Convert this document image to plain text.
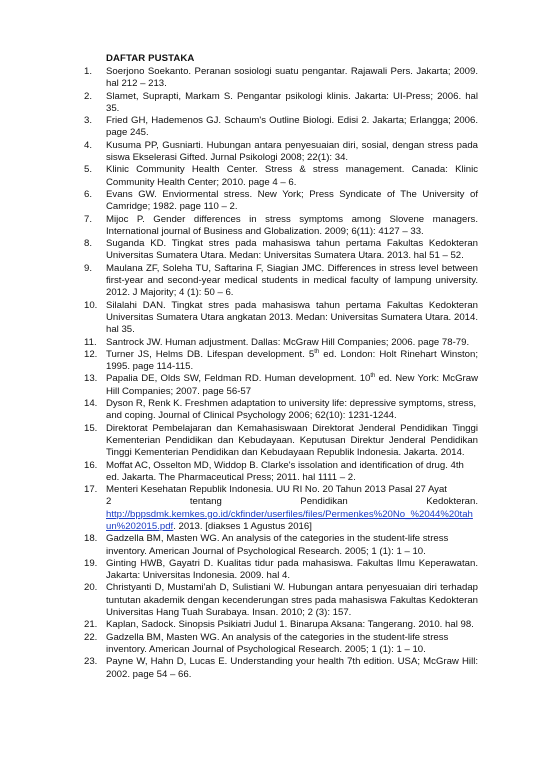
DAFTAR PUSTAKA
1.	Soerjono Soekanto. Peranan sosiologi suatu pengantar. Rajawali Pers. Jakarta; 2009. hal 212 – 213.
2.	Slamet, Suprapti, Markam S. Pengantar psikologi klinis. Jakarta: UI-Press; 2006. hal 35.
3.	Fried GH, Hademenos GJ. Schaum's Outline Biologi. Edisi 2. Jakarta; Erlangga; 2006. page 245.
4.	Kusuma PP, Gusniarti. Hubungan antara penyesuaian diri, sosial, dengan stress pada siswa Ekselerasi Gifted. Jurnal Psikologi 2008; 22(1): 34.
5.	Klinic Community Health Center. Stress & stress management. Canada: Klinic Community Health Center; 2010. page 4 – 6.
6.	Evans GW. Enviormental stress. New York; Press Syndicate of The University of Camridge; 1982. page 110 – 2.
7.	Mijoc P. Gender differences in stress symptoms among Slovene managers. International journal of Business and Globalization. 2009; 6(11): 4127 – 33.
8.	Suganda KD. Tingkat stres pada mahasiswa tahun pertama Fakultas Kedokteran Universitas Sumatera Utara. Medan: Universitas Sumatera Utara. 2013. hal 51 – 52.
9.	Maulana ZF, Soleha TU, Saftarina F, Siagian JMC. Differences in stress level between first-year and second-year medical students in medical faculty of lampung university. 2012. J Majority; 4 (1): 50 – 6.
10. Silalahi DAN. Tingkat stres pada mahasiswa tahun pertama Fakultas Kedokteran Universitas Sumatera Utara angkatan 2013. Medan: Universitas Sumatera Utara. 2014. hal 35.
11. Santrock JW. Human adjustment. Dallas: McGraw Hill Companies; 2006. page 78-79.
12. Turner JS, Helms DB. Lifespan development. 5th ed. London: Holt Rinehart Winston; 1995. page 114-115.
13. Papalia DE, Olds SW, Feldman RD. Human development. 10th ed. New York: McGraw Hill Companies; 2007. page 56-57
14. Dyson R, Renk K. Freshmen adaptation to university life: depressive symptoms, stress, and coping. Journal of Clinical Psychology 2006; 62(10): 1231-1244.
15. Direktorat Pembelajaran dan Kemahasiswaan Direktorat Jenderal Pendidikan Tinggi Kementerian Pendidikan dan Kebudayaan. Keputusan Direktur Jenderal Pendidikan Tinggi Kementerian Pendidikan dan Kebudayaan Republik Indonesia. Jakarta. 2014.
16. Moffat AC, Osselton MD, Widdop B. Clarke's issolation and identification of drug. 4th ed. Jakarta. The Pharmaceutical Press; 2011. hal 1111 – 2.
17. Menteri Kesehatan Republik Indonesia. UU RI No. 20 Tahun 2013 Pasal 27 Ayat
2	tentang	Pendidikan	Kedokteran.
http://bppsdmk.kemkes.go.id/ckfinder/userfiles/files/Permenkes%20No_%2044%20tahun%202015.pdf. 2013. [diakses 1 Agustus 2016]
18. Gadzella BM, Masten WG. An analysis of the categories in the student-life stress inventory. American Journal of Psychological Research. 2005; 1 (1): 1 – 10.
19. Ginting HWB, Gayatri D. Kualitas tidur pada mahasiswa. Fakultas Ilmu Keperawatan. Jakarta: Universitas Indonesia. 2009. hal 4.
20. Christyanti D, Mustami'ah D, Sulistiani W. Hubungan antara penyesuaian diri terhadap tuntutan akademik dengan kecenderungan stres pada mahasiswa Fakultas Kedokteran Universitas Hang Tuah Surabaya. Insan. 2010; 2 (3): 157.
21. Kaplan, Sadock. Sinopsis Psikiatri Judul 1. Binarupa Aksana: Tangerang. 2010. hal 98.
22. Gadzella BM, Masten WG. An analysis of the categories in the student-life stress inventory. American Journal of Psychological Research. 2005; 1 (1): 1 – 10.
23. Payne W, Hahn D, Lucas E. Understanding your health 7th edition. USA; McGraw Hill: 2002. page 54 – 66.
